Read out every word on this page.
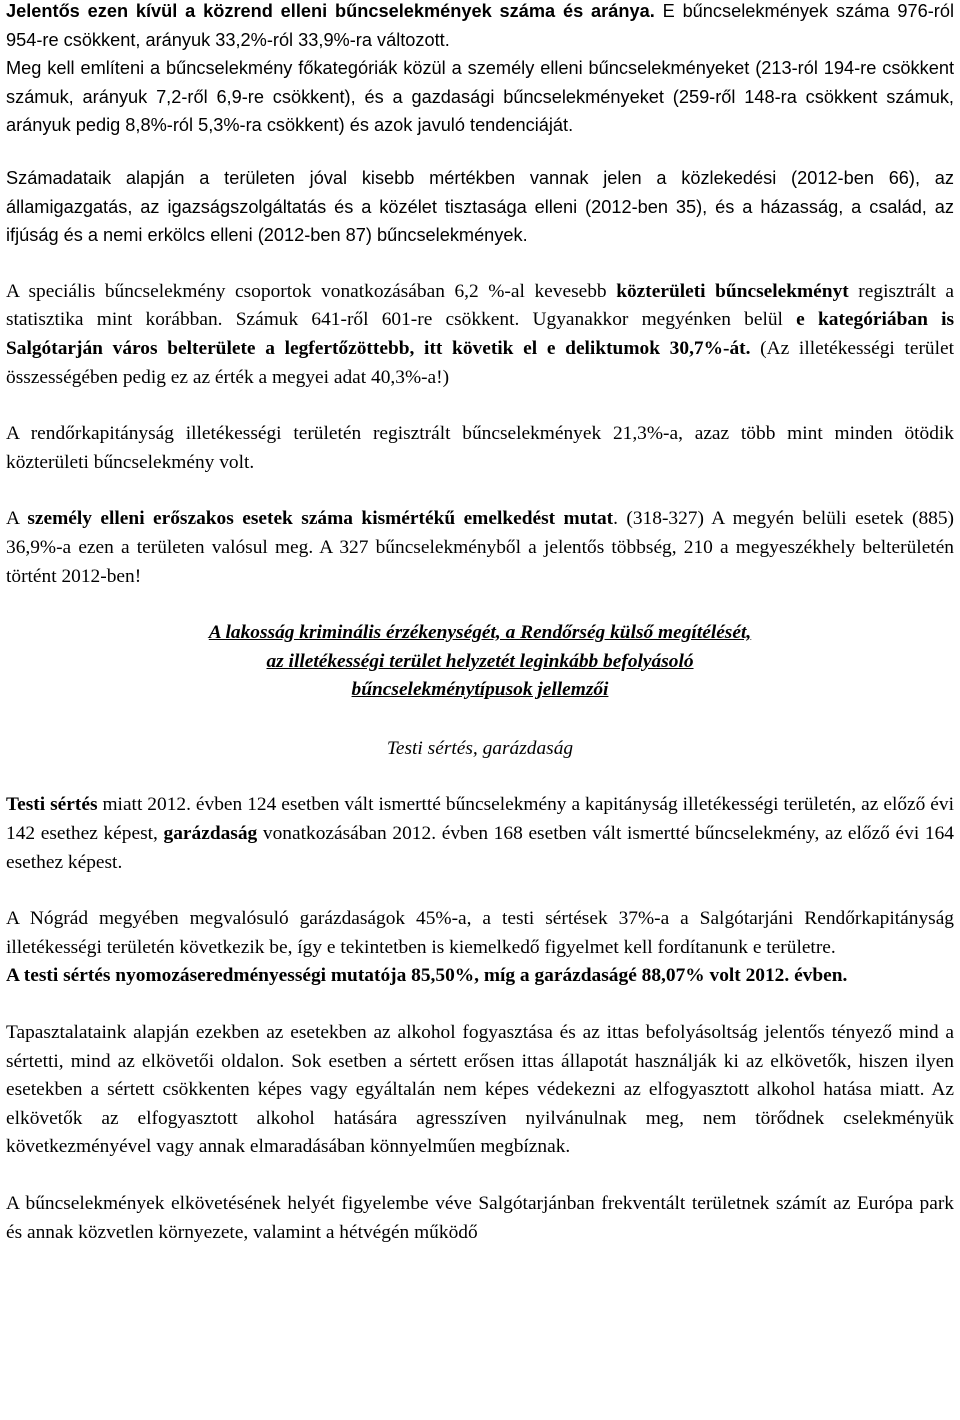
Jelentős ezen kívül a közrend elleni bűncselekmények száma és aránya. E bűncselekmények száma 976-ról 954-re csökkent, arányuk 33,2%-ról 33,9%-ra változott.

Meg kell említeni a bűncselekmény főkategóriák közül a személy elleni bűncselekményeket (213-ról 194-re csökkent számuk, arányuk 7,2-ről 6,9-re csökkent), és a gazdasági bűncselekményeket (259-ről 148-ra csökkent számuk, arányuk pedig 8,8%-ról 5,3%-ra csökkent) és azok javuló tendenciáját.

Számadataik alapján a területen jóval kisebb mértékben vannak jelen a közlekedési (2012-ben 66), az államigazgatás, az igazságszolgáltatás és a közélet tisztasága elleni (2012-ben 35), és a házasság, a család, az ifjúság és a nemi erkölcs elleni (2012-ben 87) bűncselekmények.

A speciális bűncselekmény csoportok vonatkozásában 6,2 %-al kevesebb közterületi bűncselekményt regisztrált a statisztika mint korábban. Számuk 641-ről 601-re csökkent. Ugyanakkor megyénken belül e kategóriában is Salgótarján város belterülete a legfertőzöttebb, itt követik el e deliktumok 30,7%-át. (Az illetékességi terület összességében pedig ez az érték a megyei adat 40,3%-a!)

A rendőrkapitányság illetékességi területén regisztrált bűncselekmények 21,3%-a, azaz több mint minden ötödik közterületi bűncselekmény volt.

A személy elleni erőszakos esetek száma kismértékű emelkedést mutat. (318-327) A megyén belüli esetek (885) 36,9%-a ezen a területen valósul meg. A 327 bűncselekményből a jelentős többség, 210 a megyeszékhely belterületén történt 2012-ben!

A lakosság kriminális érzékenységét, a Rendőrség külső megítélését,
az illetékességi terület helyzetét leginkább befolyásoló
bűncselekménytípusok jellemzői
Testi sértés, garázdaság

Testi sértés miatt 2012. évben 124 esetben vált ismertté bűncselekmény a kapitányság illetékességi területén, az előző évi 142 esethez képest, garázdaság vonatkozásában 2012. évben 168 esetben vált ismertté bűncselekmény, az előző évi 164 esethez képest.

A Nógrád megyében megvalósuló garázdaságok 45%-a, a testi sértések 37%-a a Salgótarjáni Rendőrkapitányság illetékességi területén következik be, így e tekintetben is kiemelkedő figyelmet kell fordítanunk e területre.

A testi sértés nyomozáseredményességi mutatója 85,50%, míg a garázdaságé 88,07% volt 2012. évben.

Tapasztalataink alapján ezekben az esetekben az alkohol fogyasztása és az ittas befolyásoltság jelentős tényező mind a sértetti, mind az elkövetői oldalon. Sok esetben a sértett erősen ittas állapotát használják ki az elkövetők, hiszen ilyen esetekben a sértett csökkenten képes vagy egyáltalán nem képes védekezni az elfogyasztott alkohol hatása miatt. Az elkövetők az elfogyasztott alkohol hatására agresszíven nyilvánulnak meg, nem törődnek cselekményük következményével vagy annak elmaradásában könnyelműen megbíznak.

A bűncselekmények elkövetésének helyét figyelembe véve Salgótarjánban frekventált területnek számít az Európa park és annak közvetlen környezete, valamint a hétvégén működő
